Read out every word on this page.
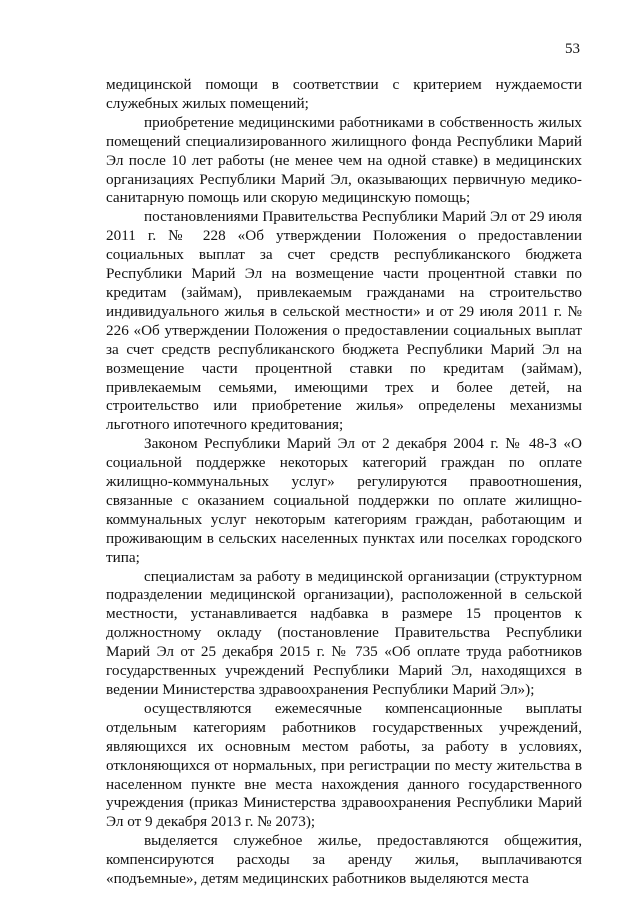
53

медицинской помощи в соответствии с критерием нуждаемости служебных жилых помещений;

приобретение медицинскими работниками в собственность жилых помещений специализированного жилищного фонда Республики Марий Эл после 10 лет работы (не менее чем на одной ставке) в медицинских организациях Республики Марий Эл, оказывающих первичную медико-санитарную помощь или скорую медицинскую помощь;

постановлениями Правительства Республики Марий Эл от 29 июля 2011 г. № 228 «Об утверждении Положения о предоставлении социальных выплат за счет средств республиканского бюджета Республики Марий Эл на возмещение части процентной ставки по кредитам (займам), привлекаемым гражданами на строительство индивидуального жилья в сельской местности» и от 29 июля 2011 г. № 226 «Об утверждении Положения о предоставлении социальных выплат за счет средств республиканского бюджета Республики Марий Эл на возмещение части процентной ставки по кредитам (займам), привлекаемым семьями, имеющими трех и более детей, на строительство или приобретение жилья» определены механизмы льготного ипотечного кредитования;

Законом Республики Марий Эл от 2 декабря 2004 г. № 48-З «О социальной поддержке некоторых категорий граждан по оплате жилищно-коммунальных услуг» регулируются правоотношения, связанные с оказанием социальной поддержки по оплате жилищно-коммунальных услуг некоторым категориям граждан, работающим и проживающим в сельских населенных пунктах или поселках городского типа;

специалистам за работу в медицинской организации (структурном подразделении медицинской организации), расположенной в сельской местности, устанавливается надбавка в размере 15 процентов к должностному окладу (постановление Правительства Республики Марий Эл от 25 декабря 2015 г. № 735 «Об оплате труда работников государственных учреждений Республики Марий Эл, находящихся в ведении Министерства здравоохранения Республики Марий Эл»);

осуществляются ежемесячные компенсационные выплаты отдельным категориям работников государственных учреждений, являющихся их основным местом работы, за работу в условиях, отклоняющихся от нормальных, при регистрации по месту жительства в населенном пункте вне места нахождения данного государственного учреждения (приказ Министерства здравоохранения Республики Марий Эл от 9 декабря 2013 г. № 2073);

выделяется служебное жилье, предоставляются общежития, компенсируются расходы за аренду жилья, выплачиваются «подъемные», детям медицинских работников выделяются места
